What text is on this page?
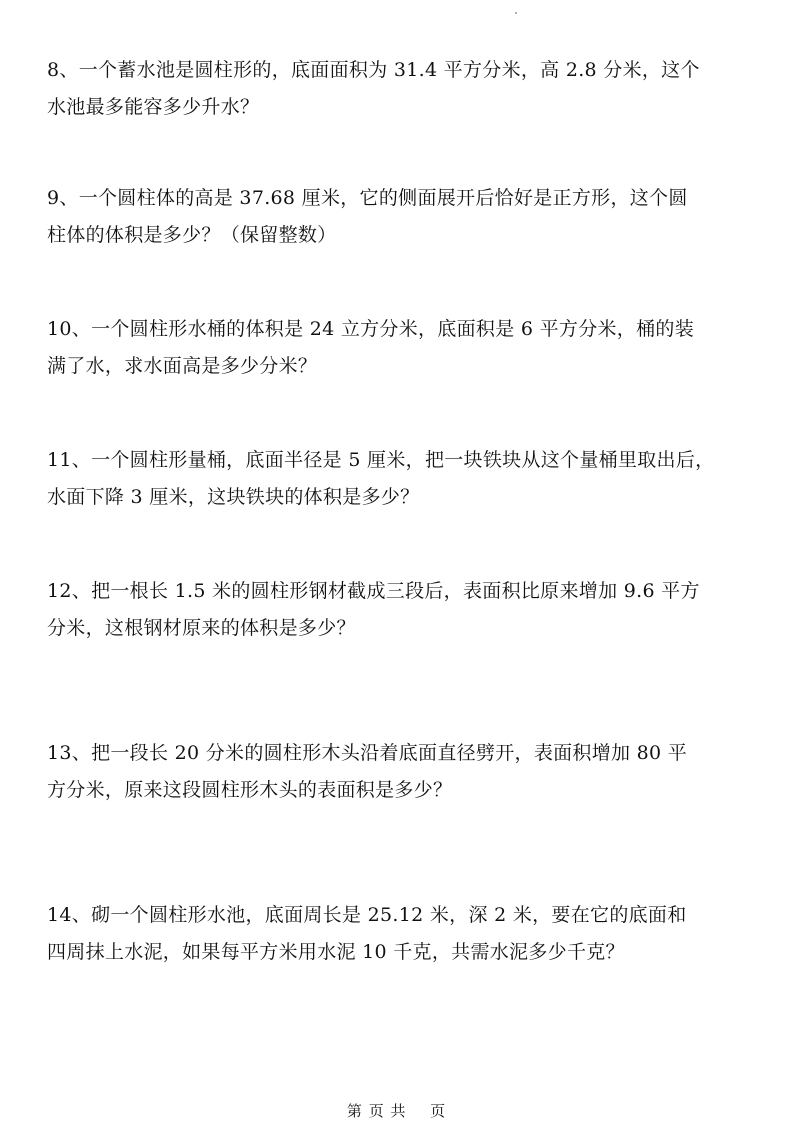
8、一个蓄水池是圆柱形的，底面面积为 31.4 平方分米，高 2.8 分米，这个
水池最多能容多少升水？
9、一个圆柱体的高是 37.68 厘米，它的侧面展开后恰好是正方形，这个圆
柱体的体积是多少？（保留整数）
10、一个圆柱形水桶的体积是 24 立方分米，底面积是 6 平方分米，桶的装
满了水，求水面高是多少分米？
11、一个圆柱形量桶，底面半径是 5 厘米，把一块铁块从这个量桶里取出后，
水面下降 3 厘米，这块铁块的体积是多少？
12、把一根长 1.5 米的圆柱形钢材截成三段后，表面积比原来增加 9.6 平方
分米，这根钢材原来的体积是多少？
13、把一段长 20 分米的圆柱形木头沿着底面直径劈开，表面积增加 80 平
方分米，原来这段圆柱形木头的表面积是多少？
14、砌一个圆柱形水池，底面周长是 25.12 米，深 2 米，要在它的底面和
四周抹上水泥，如果每平方米用水泥 10 千克，共需水泥多少千克？
第 页 共 页
